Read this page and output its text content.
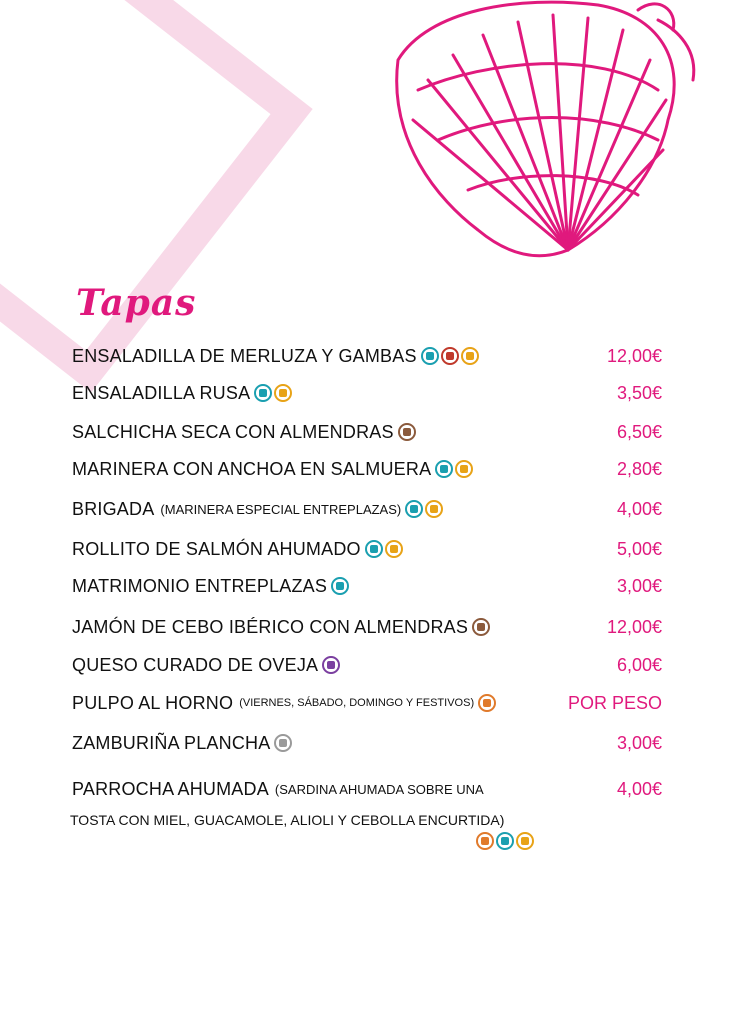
Tapas
ENSALADILLA DE MERLUZA Y GAMBAS	12,00€
ENSALADILLA RUSA	3,50€
SALCHICHA SECA CON ALMENDRAS	6,50€
MARINERA CON ANCHOA EN SALMUERA	2,80€
BRIGADA (MARINERA ESPECIAL ENTREPLAZAS)	4,00€
ROLLITO DE SALMÓN AHUMADO	5,00€
MATRIMONIO ENTREPLAZAS	3,00€
JAMÓN DE CEBO IBÉRICO CON ALMENDRAS	12,00€
QUESO CURADO DE OVEJA	6,00€
PULPO AL HORNO (VIERNES, SÁBADO, DOMINGO Y FESTIVOS)	POR PESO
ZAMBURIÑA PLANCHA	3,00€
PARROCHA AHUMADA (SARDINA AHUMADA SOBRE UNA	4,00€
TOSTA CON MIEL, GUACAMOLE, ALIOLI Y CEBOLLA ENCURTIDA)
